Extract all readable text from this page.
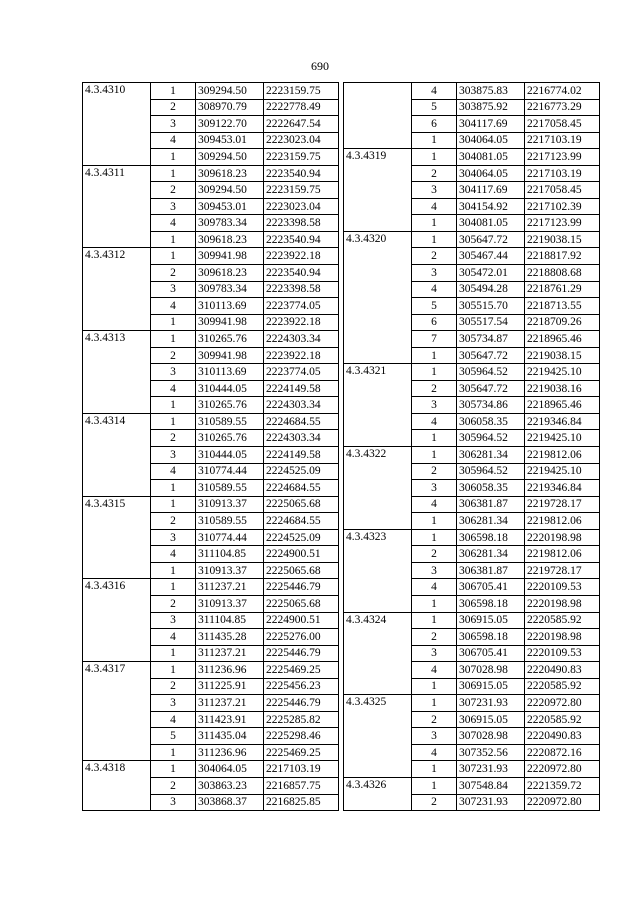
690
4.3.4310	1	309294.50	2223159.75
	2	308970.79	2222778.49
	3	309122.70	2222647.54
	4	309453.01	2223023.04
	1	309294.50	2223159.75
4.3.4311	1	309618.23	2223540.94
	2	309294.50	2223159.75
	3	309453.01	2223023.04
	4	309783.34	2223398.58
	1	309618.23	2223540.94
4.3.4312	1	309941.98	2223922.18
	2	309618.23	2223540.94
	3	309783.34	2223398.58
	4	310113.69	2223774.05
	1	309941.98	2223922.18
4.3.4313	1	310265.76	2224303.34
	2	309941.98	2223922.18
	3	310113.69	2223774.05
	4	310444.05	2224149.58
	1	310265.76	2224303.34
4.3.4314	1	310589.55	2224684.55
	2	310265.76	2224303.34
	3	310444.05	2224149.58
	4	310774.44	2224525.09
	1	310589.55	2224684.55
4.3.4315	1	310913.37	2225065.68
	2	310589.55	2224684.55
	3	310774.44	2224525.09
	4	311104.85	2224900.51
	1	310913.37	2225065.68
4.3.4316	1	311237.21	2225446.79
	2	310913.37	2225065.68
	3	311104.85	2224900.51
	4	311435.28	2225276.00
	1	311237.21	2225446.79
4.3.4317	1	311236.96	2225469.25
	2	311225.91	2225456.23
	3	311237.21	2225446.79
	4	311423.91	2225285.82
	5	311435.04	2225298.46
	1	311236.96	2225469.25
4.3.4318	1	304064.05	2217103.19
	2	303863.23	2216857.75
	3	303868.37	2216825.85
	4	303875.83	2216774.02
	5	303875.92	2216773.29
	6	304117.69	2217058.45
	1	304064.05	2217103.19
4.3.4319	1	304081.05	2217123.99
	2	304064.05	2217103.19
	3	304117.69	2217058.45
	4	304154.92	2217102.39
	1	304081.05	2217123.99
4.3.4320	1	305647.72	2219038.15
	2	305467.44	2218817.92
	3	305472.01	2218808.68
	4	305494.28	2218761.29
	5	305515.70	2218713.55
	6	305517.54	2218709.26
	7	305734.87	2218965.46
	1	305647.72	2219038.15
4.3.4321	1	305964.52	2219425.10
	2	305647.72	2219038.16
	3	305734.86	2218965.46
	4	306058.35	2219346.84
	1	305964.52	2219425.10
4.3.4322	1	306281.34	2219812.06
	2	305964.52	2219425.10
	3	306058.35	2219346.84
	4	306381.87	2219728.17
	1	306281.34	2219812.06
4.3.4323	1	306598.18	2220198.98
	2	306281.34	2219812.06
	3	306381.87	2219728.17
	4	306705.41	2220109.53
	1	306598.18	2220198.98
4.3.4324	1	306915.05	2220585.92
	2	306598.18	2220198.98
	3	306705.41	2220109.53
	4	307028.98	2220490.83
	1	306915.05	2220585.92
4.3.4325	1	307231.93	2220972.80
	2	306915.05	2220585.92
	3	307028.98	2220490.83
	4	307352.56	2220872.16
	1	307231.93	2220972.80
4.3.4326	1	307548.84	2221359.72
	2	307231.93	2220972.80
